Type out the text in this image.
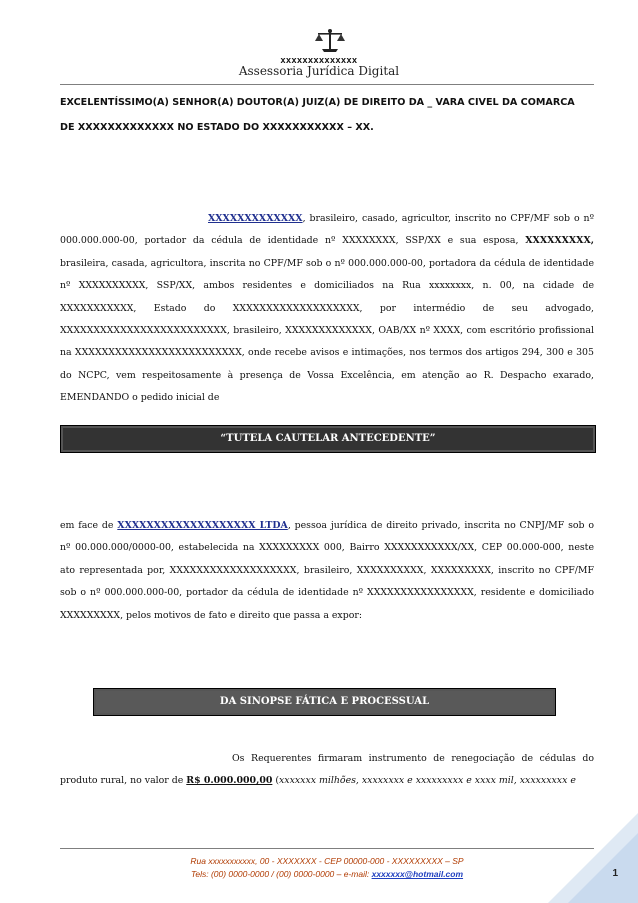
xxxxxxxxxxxxxx
Assessoria Jurídica Digital
EXCELENTÍSSIMO(A) SENHOR(A) DOUTOR(A) JUIZ(A) DE DIREITO DA _ VARA CIVEL DA COMARCA
DE XXXXXXXXXXXXX NO ESTADO DO XXXXXXXXXXX – XX.
XXXXXXXXXXXXX, brasileiro, casado, agricultor, inscrito no CPF/MF sob o nº 000.000.000-00, portador da cédula de identidade nº XXXXXXXX, SSP/XX e sua esposa, XXXXXXXXX, brasileira, casada, agricultora, inscrita no CPF/MF sob o nº 000.000.000-00, portadora da cédula de identidade nº XXXXXXXXXX, SSP/XX, ambos residentes e domiciliados na Rua xxxxxxxx, n. 00, na cidade de XXXXXXXXXXX, Estado do XXXXXXXXXXXXXXXXXXX, por intermédio de seu advogado, XXXXXXXXXXXXXXXXXXXXXXXXX, brasileiro, XXXXXXXXXXXXX, OAB/XX nº XXXX, com escritório profissional na XXXXXXXXXXXXXXXXXXXXXXXXX, onde recebe avisos e intimações, nos termos dos artigos 294, 300 e 305 do NCPC, vem respeitosamente à presença de Vossa Excelência, em atenção ao R. Despacho exarado, EMENDANDO o pedido inicial de
“TUTELA CAUTELAR ANTECEDENTE”
em face de XXXXXXXXXXXXXXXXXXX LTDA, pessoa jurídica de direito privado, inscrita no CNPJ/MF sob o nº 00.000.000/0000-00, estabelecida na XXXXXXXXX 000, Bairro XXXXXXXXXXX/XX, CEP 00.000-000, neste ato representada por, XXXXXXXXXXXXXXXXXXX, brasileiro, XXXXXXXXXX, XXXXXXXXX, inscrito no CPF/MF sob o nº 000.000.000-00, portador da cédula de identidade nº XXXXXXXXXXXXXXXX, residente e domiciliado XXXXXXXXX, pelos motivos de fato e direito que passa a expor:
DA SINOPSE FÁTICA E PROCESSUAL
Os Requerentes firmaram instrumento de renegociação de cédulas do produto rural, no valor de R$ 0.000.000,00 (xxxxxxx milhões, xxxxxxxx e xxxxxxxxx e xxxx mil, xxxxxxxxx e
Rua xxxxxxxxxxx, 00 - XXXXXXX - CEP 00000-000 - XXXXXXXXX – SP
Tels: (00) 0000-0000 / (00) 0000-0000 – e-mail: xxxxxxx@hotmail.com	1
